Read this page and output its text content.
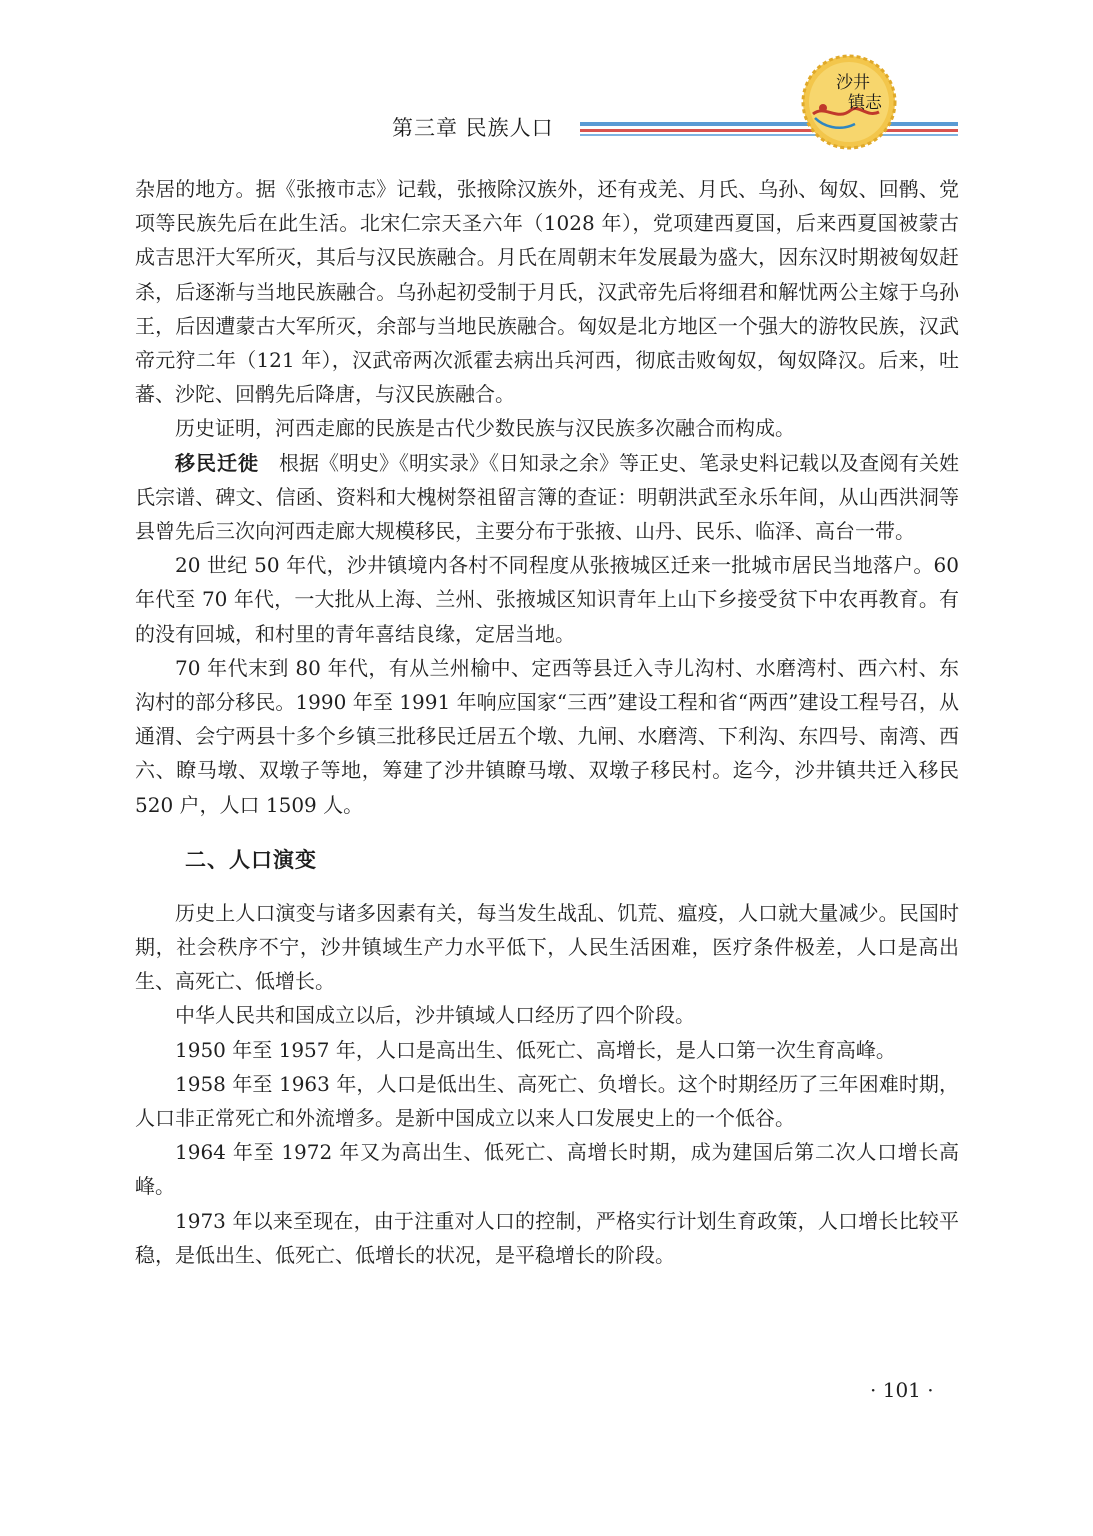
第三章 民族人口
沙井
镇志

杂居的地方。据《张掖市志》记载，张掖除汉族外，还有戎羌、月氏、乌孙、匈奴、回鹘、党项等民族先后在此生活。北宋仁宗天圣六年（1028 年），党项建西夏国，后来西夏国被蒙古成吉思汗大军所灭，其后与汉民族融合。月氏在周朝末年发展最为盛大，因东汉时期被匈奴赶杀，后逐渐与当地民族融合。乌孙起初受制于月氏，汉武帝先后将细君和解忧两公主嫁于乌孙王，后因遭蒙古大军所灭，余部与当地民族融合。匈奴是北方地区一个强大的游牧民族，汉武帝元狩二年（121 年），汉武帝两次派霍去病出兵河西，彻底击败匈奴，匈奴降汉。后来，吐蕃、沙陀、回鹘先后降唐，与汉民族融合。

历史证明，河西走廊的民族是古代少数民族与汉民族多次融合而构成。

移民迁徙　 根据《明史》《明实录》《日知录之余》等正史、笔录史料记载以及查阅有关姓氏宗谱、碑文、信函、资料和大槐树祭祖留言簿的查证：明朝洪武至永乐年间，从山西洪洞等县曾先后三次向河西走廊大规模移民，主要分布于张掖、山丹、民乐、临泽、高台一带。

20 世纪 50 年代，沙井镇境内各村不同程度从张掖城区迁来一批城市居民当地落户。60 年代至 70 年代，一大批从上海、兰州、张掖城区知识青年上山下乡接受贫下中农再教育。有的没有回城，和村里的青年喜结良缘，定居当地。

70 年代末到 80 年代，有从兰州榆中、定西等县迁入寺儿沟村、水磨湾村、西六村、东沟村的部分移民。1990 年至 1991 年响应国家“三西”建设工程和省“两西”建设工程号召，从通渭、会宁两县十多个乡镇三批移民迁居五个墩、九闸、水磨湾、下利沟、东四号、南湾、西六、瞭马墩、双墩子等地，筹建了沙井镇瞭马墩、双墩子移民村。迄今，沙井镇共迁入移民 520 户，人口 1509 人。

二、人口演变

历史上人口演变与诸多因素有关，每当发生战乱、饥荒、瘟疫，人口就大量减少。民国时期，社会秩序不宁，沙井镇域生产力水平低下，人民生活困难，医疗条件极差，人口是高出生、高死亡、低增长。

中华人民共和国成立以后，沙井镇域人口经历了四个阶段。

1950 年至 1957 年，人口是高出生、低死亡、高增长，是人口第一次生育高峰。

1958 年至 1963 年，人口是低出生、高死亡、负增长。这个时期经历了三年困难时期，人口非正常死亡和外流增多。是新中国成立以来人口发展史上的一个低谷。

1964 年至 1972 年又为高出生、低死亡、高增长时期，成为建国后第二次人口增长高峰。

1973 年以来至现在，由于注重对人口的控制，严格实行计划生育政策，人口增长比较平稳，是低出生、低死亡、低增长的状况，是平稳增长的阶段。

· 101 ·
